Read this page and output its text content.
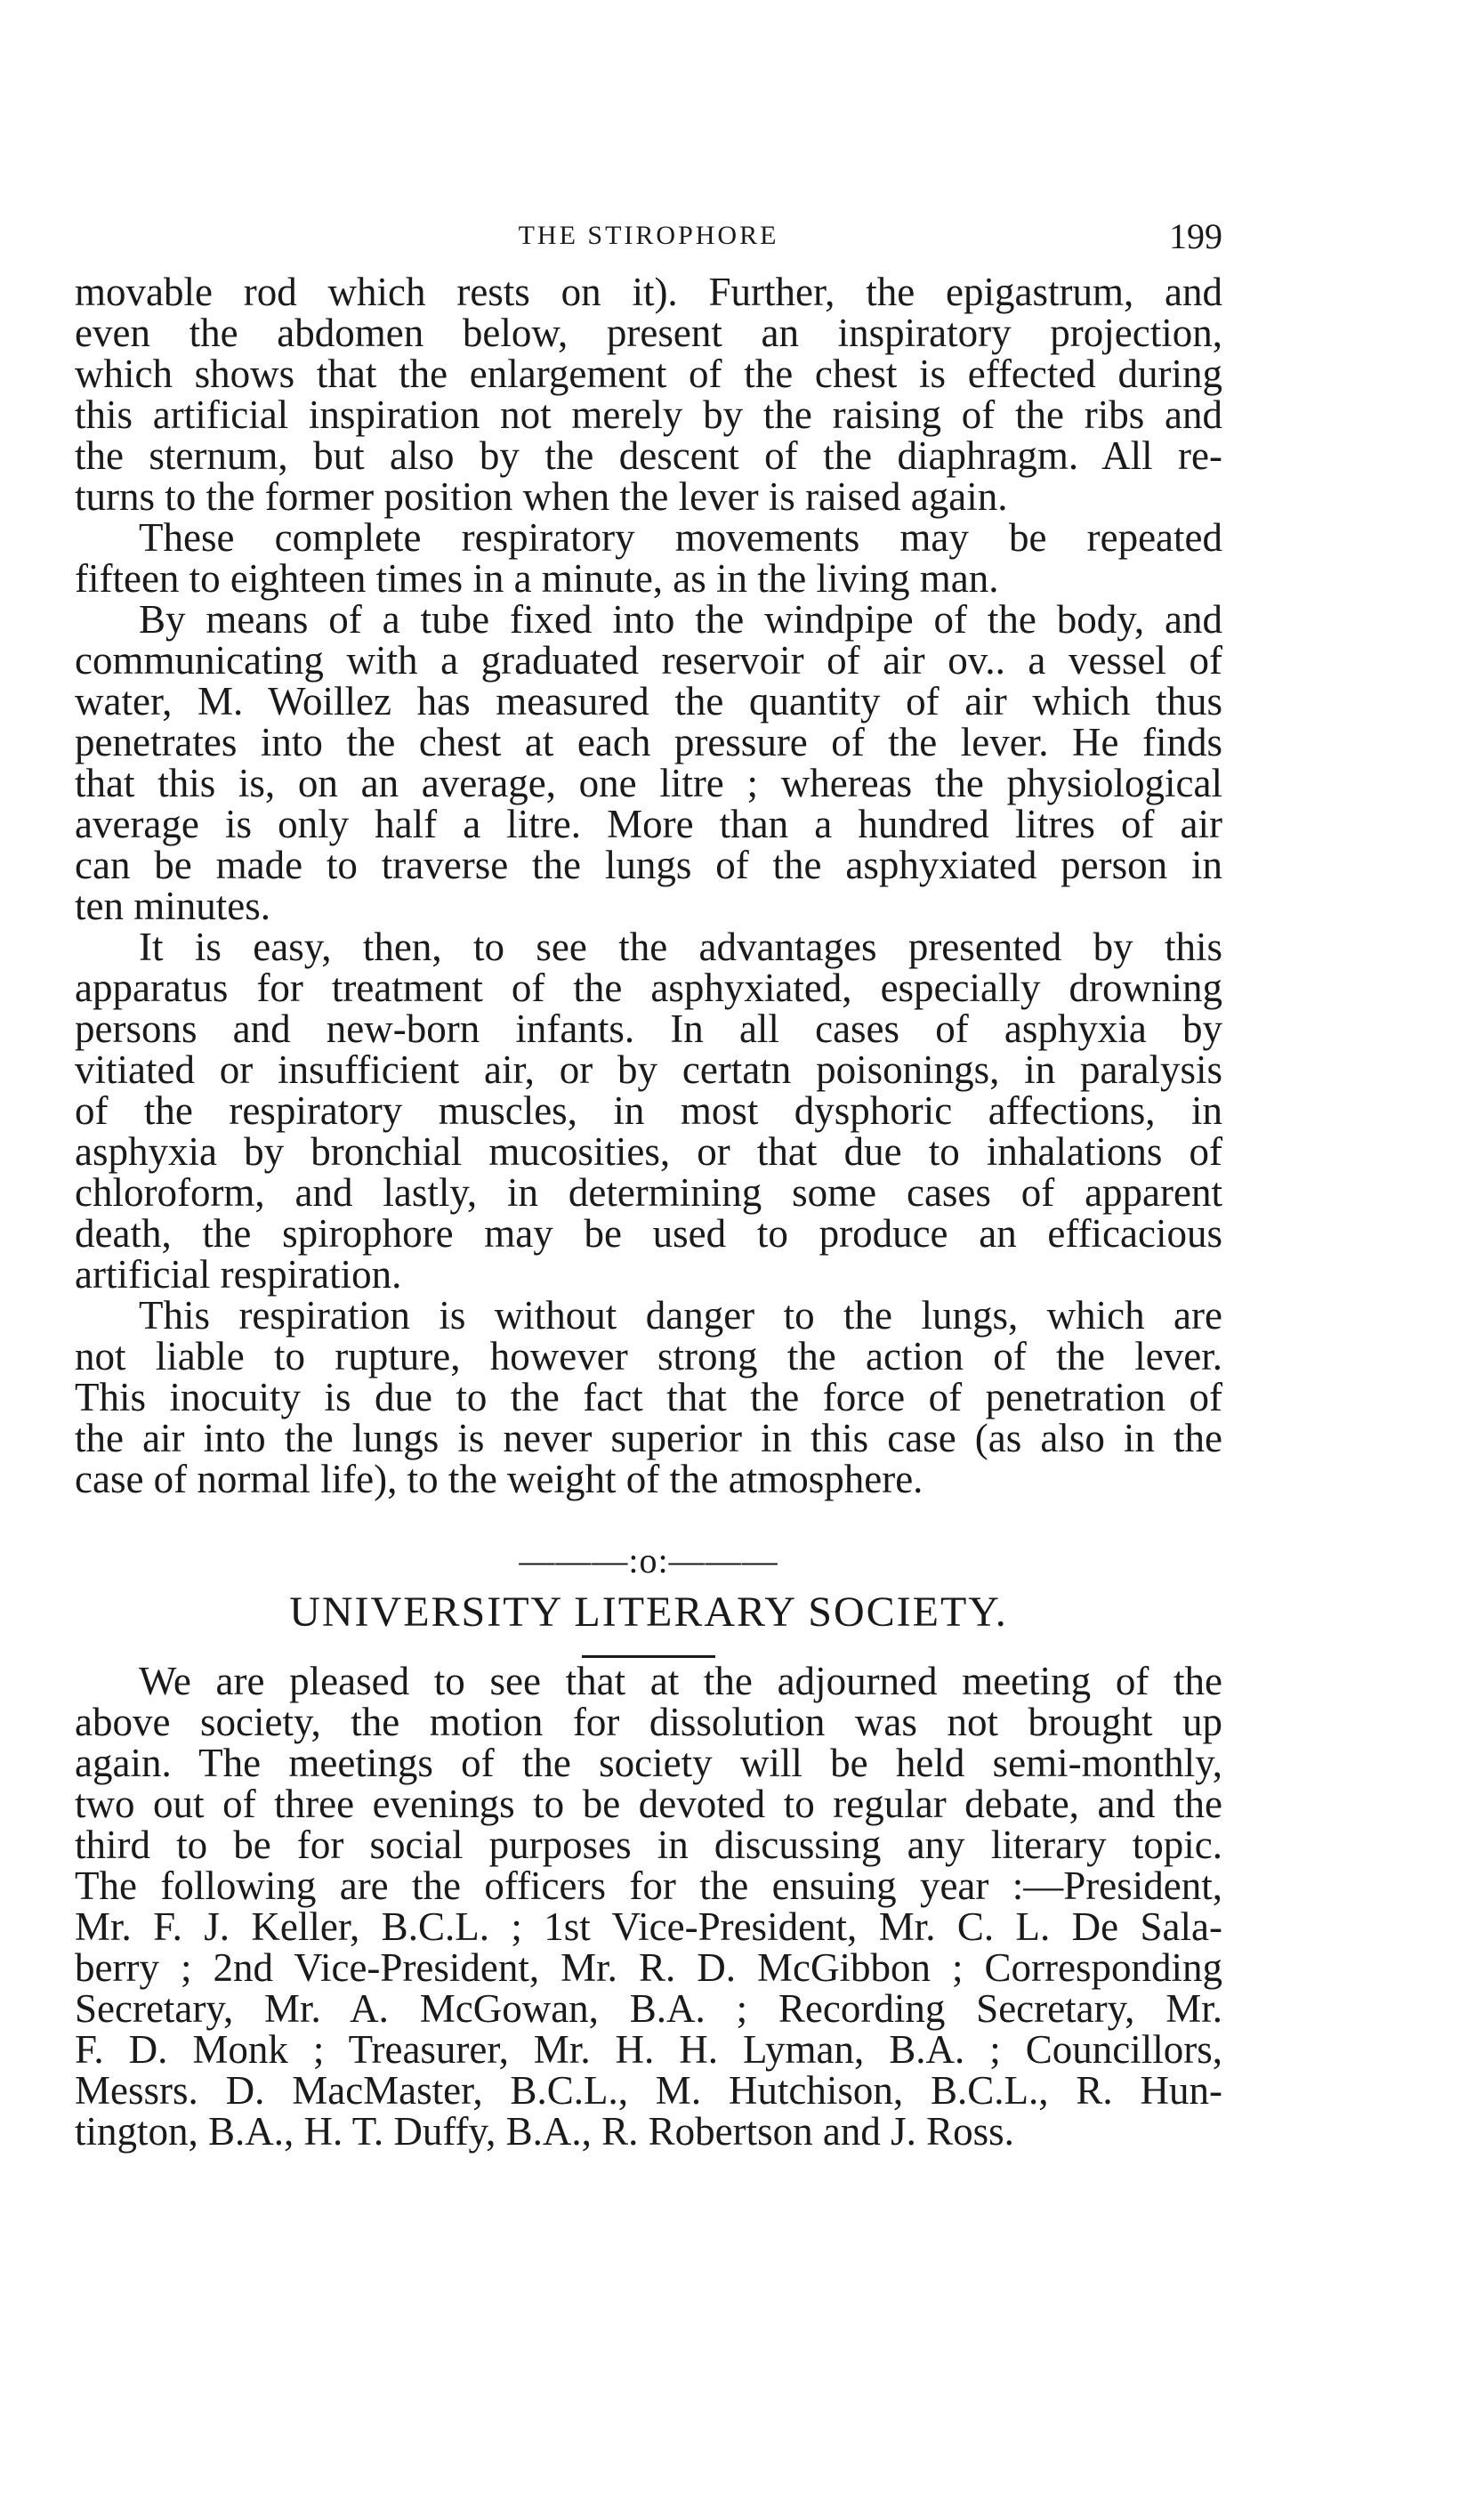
THE STIROPHORE	199
movable rod which rests on it). Further, the epigastrum, and
even the abdomen below, present an inspiratory projection,
which shows that the enlargement of the chest is effected during
this artificial inspiration not merely by the raising of the ribs and
the sternum, but also by the descent of the diaphragm. All re-
turns to the former position when the lever is raised again.
These complete respiratory movements may be repeated
fifteen to eighteen times in a minute, as in the living man.
By means of a tube fixed into the windpipe of the body, and
communicating with a graduated reservoir of air ov.. a vessel of
water, M. Woillez has measured the quantity of air which thus
penetrates into the chest at each pressure of the lever. He finds
that this is, on an average, one litre ; whereas the physiological
average is only half a litre. More than a hundred litres of air
can be made to traverse the lungs of the asphyxiated person in
ten minutes.
It is easy, then, to see the advantages presented by this
apparatus for treatment of the asphyxiated, especially drowning
persons and new-born infants. In all cases of asphyxia by
vitiated or insufficient air, or by certatn poisonings, in paralysis
of the respiratory muscles, in most dysphoric affections, in
asphyxia by bronchial mucosities, or that due to inhalations of
chloroform, and lastly, in determining some cases of apparent
death, the spirophore may be used to produce an efficacious
artificial respiration.
This respiration is without danger to the lungs, which are
not liable to rupture, however strong the action of the lever.
This inocuity is due to the fact that the force of penetration of
the air into the lungs is never superior in this case (as also in the
case of normal life), to the weight of the atmosphere.
———:o:———
UNIVERSITY LITERARY SOCIETY.
We are pleased to see that at the adjourned meeting of the
above society, the motion for dissolution was not brought up
again. The meetings of the society will be held semi-monthly,
two out of three evenings to be devoted to regular debate, and the
third to be for social purposes in discussing any literary topic.
The following are the officers for the ensuing year :—President,
Mr. F. J. Keller, B.C.L. ; 1st Vice-President, Mr. C. L. De Sala-
berry ; 2nd Vice-President, Mr. R. D. McGibbon ; Corresponding
Secretary, Mr. A. McGowan, B.A. ; Recording Secretary, Mr.
F. D. Monk ; Treasurer, Mr. H. H. Lyman, B.A. ; Councillors,
Messrs. D. MacMaster, B.C.L., M. Hutchison, B.C.L., R. Hun-
tington, B.A., H. T. Duffy, B.A., R. Robertson and J. Ross.
